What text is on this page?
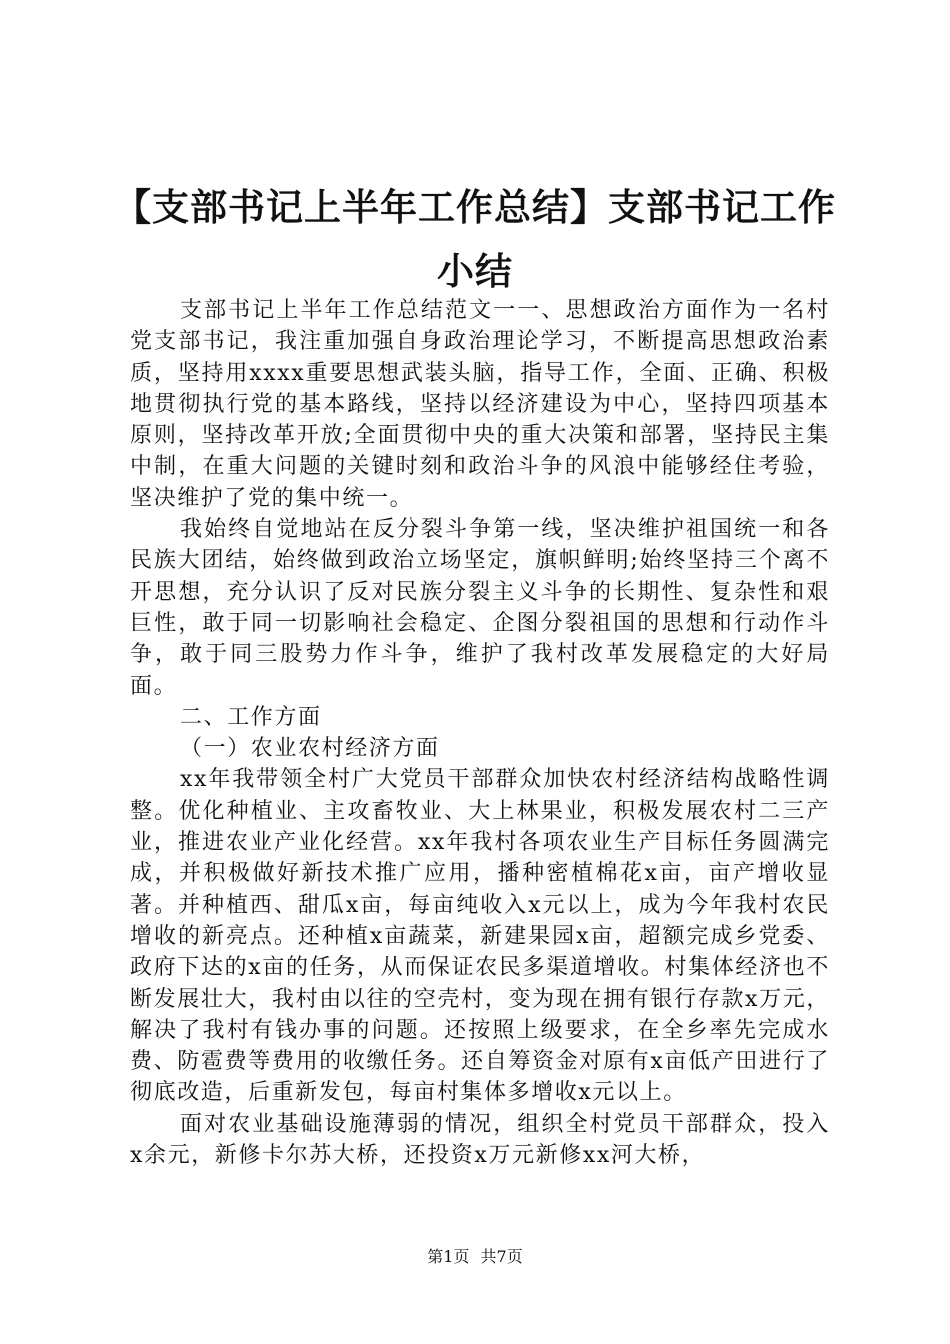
【支部书记上半年工作总结】支部书记工作小结

支部书记上半年工作总结范文一一、思想政治方面作为一名村党支部书记，我注重加强自身政治理论学习，不断提高思想政治素质，坚持用xxxx重要思想武装头脑，指导工作，全面、正确、积极地贯彻执行党的基本路线，坚持以经济建设为中心，坚持四项基本原则，坚持改革开放;全面贯彻中央的重大决策和部署，坚持民主集中制，在重大问题的关键时刻和政治斗争的风浪中能够经住考验，坚决维护了党的集中统一。

我始终自觉地站在反分裂斗争第一线，坚决维护祖国统一和各民族大团结，始终做到政治立场坚定，旗帜鲜明;始终坚持三个离不开思想，充分认识了反对民族分裂主义斗争的长期性、复杂性和艰巨性，敢于同一切影响社会稳定、企图分裂祖国的思想和行动作斗争，敢于同三股势力作斗争，维护了我村改革发展稳定的大好局面。

二、工作方面

（一）农业农村经济方面

xx年我带领全村广大党员干部群众加快农村经济结构战略性调整。优化种植业、主攻畜牧业、大上林果业，积极发展农村二三产业，推进农业产业化经营。xx年我村各项农业生产目标任务圆满完成，并积极做好新技术推广应用，播种密植棉花x亩，亩产增收显著。并种植西、甜瓜x亩，每亩纯收入x元以上，成为今年我村农民增收的新亮点。还种植x亩蔬菜，新建果园x亩，超额完成乡党委、政府下达的x亩的任务，从而保证农民多渠道增收。村集体经济也不断发展壮大，我村由以往的空壳村，变为现在拥有银行存款x万元，解决了我村有钱办事的问题。还按照上级要求，在全乡率先完成水费、防雹费等费用的收缴任务。还自筹资金对原有x亩低产田进行了彻底改造，后重新发包，每亩村集体多增收x元以上。

面对农业基础设施薄弱的情况，组织全村党员干部群众，投入x余元，新修卡尔苏大桥，还投资x万元新修xx河大桥，

第1页 共7页
